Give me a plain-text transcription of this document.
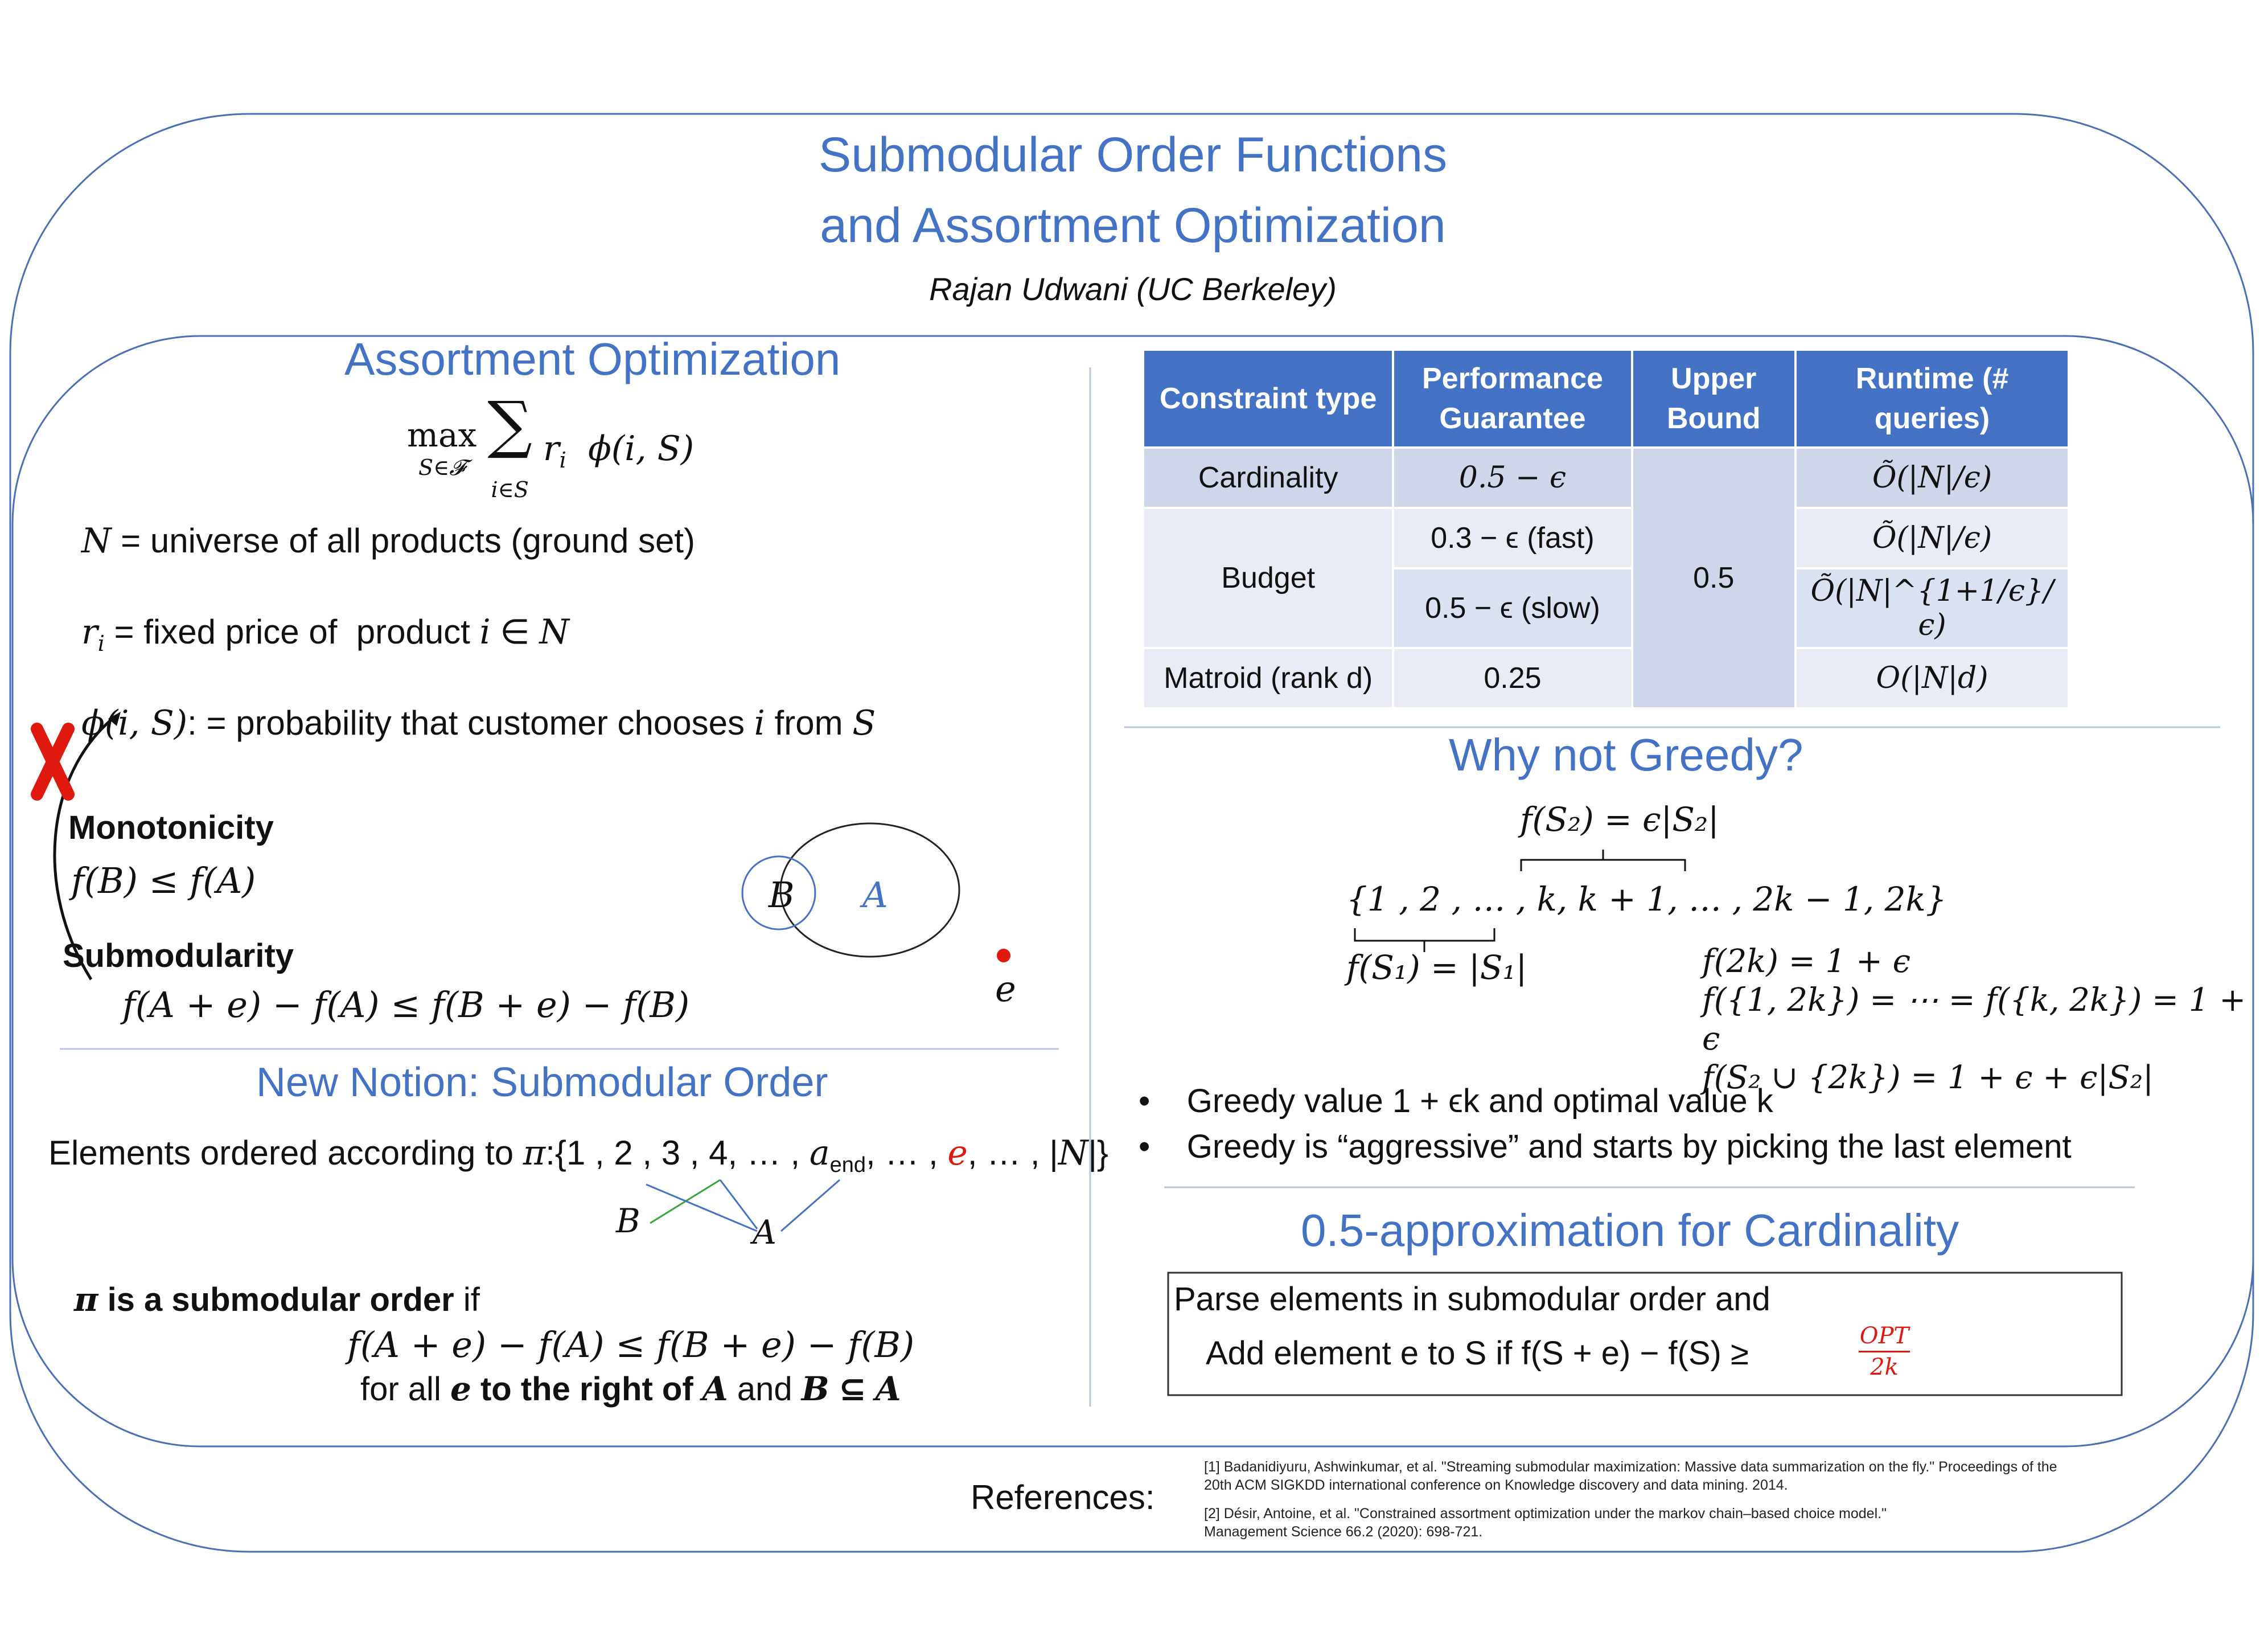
Submodular Order Functions
and Assortment Optimization
Rajan Udwani (UC Berkeley)
Assortment Optimization
max
S∈𝓕 ∑
i∈S $r_i$  ϕ(i, S)
N = universe of all products (ground set)
$r_i$ = fixed price of  product i ∈ N
ϕ(i, S): = probability that customer chooses i from S
Monotonicity
f(B) ≤ f(A)
Submodularity
f(A + e) − f(A) ≤ f(B + e) − f(B)
B A
e
New Notion: Submodular Order
Elements ordered according to π:{1 , 2 , 3 , 4, … , $a_{end}$, … , e, … , |N|}
B	A
π is a submodular order if
f(A + e) − f(A) ≤ f(B + e) − f(B)
for all e to the right of A and B ⊆ A
Constraint type	Performance Guarantee	Upper Bound	Runtime (# queries)
Cardinality	0.5 − ϵ	0.5	Õ(|N|/ϵ)
Budget	0.3 − ϵ (fast)		Õ(|N|/ϵ)
	0.5 − ϵ (slow)		Õ(|N|^{1+1/ϵ}/ϵ)
Matroid (rank d)	0.25		O(|N|d)
Why not Greedy?
f(S₂) = ϵ|S₂|
{1 , 2 , … , k, k + 1, … , 2k − 1, 2k}
f(S₁) = |S₁|	f(2k) = 1 + ϵ
f({1, 2k}) = ⋯ = f({k, 2k}) = 1 + ϵ
f(S₂ ∪ {2k}) = 1 + ϵ + ϵ|S₂|
•    Greedy value 1 + ϵk and optimal value k
•    Greedy is “aggressive” and starts by picking the last element
0.5-approximation for Cardinality
Parse elements in submodular order and
Add element e to S if f(S + e) − f(S) ≥	OPT
2k
References:
[1] Badanidiyuru, Ashwinkumar, et al. "Streaming submodular maximization: Massive data summarization on the fly." Proceedings of the 20th ACM SIGKDD international conference on Knowledge discovery and data mining. 2014.
[2] Désir, Antoine, et al. "Constrained assortment optimization under the markov chain–based choice model." Management Science 66.2 (2020): 698-721.
